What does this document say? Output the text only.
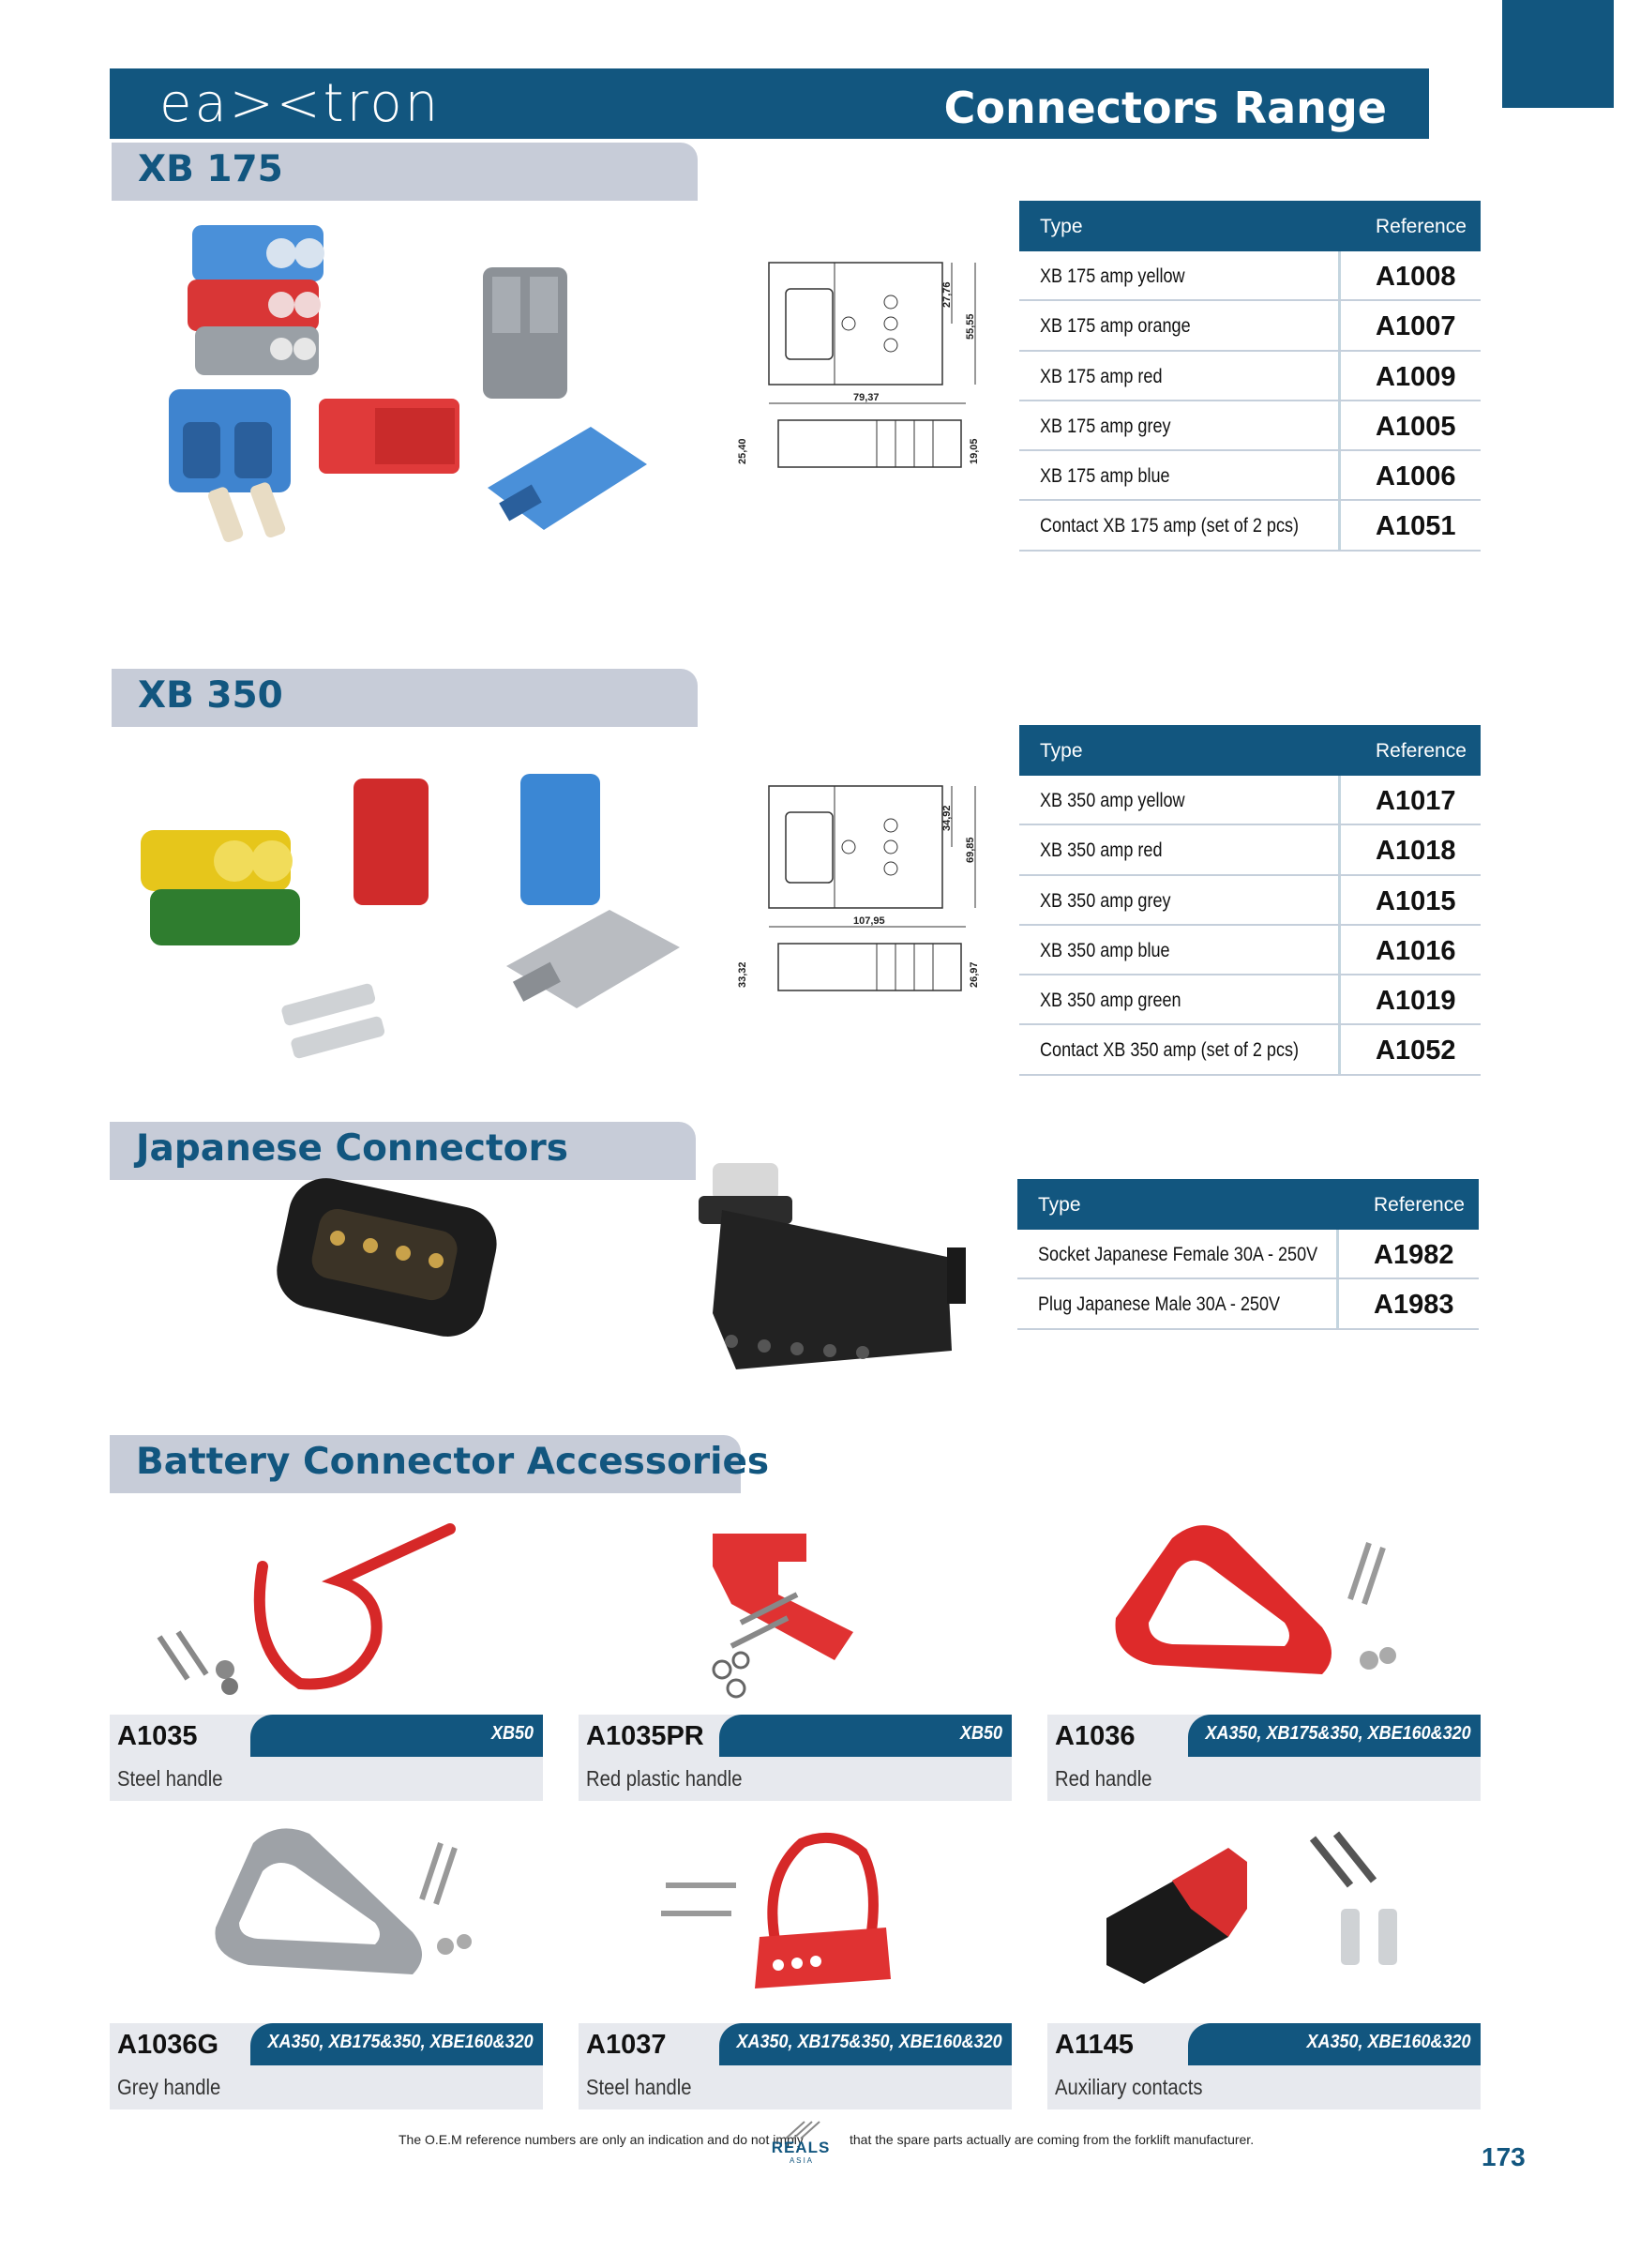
ea><tron	Connectors Range
XB 175
27,76
55,55
79,37
25,40	19,05
Type	Reference
XB 175 amp yellow	A1008
XB 175 amp orange	A1007
XB 175 amp red	A1009
XB 175 amp grey	A1005
XB 175 amp blue	A1006
Contact XB 175 amp (set of 2 pcs)	A1051
XB 350
34,92
69,85
107,95
33,32	26,97
Type	Reference
XB 350 amp yellow	A1017
XB 350 amp red	A1018
XB 350 amp grey	A1015
XB 350 amp blue	A1016
XB 350 amp green	A1019
Contact XB 350 amp (set of 2 pcs)	A1052
Japanese Connectors
Type	Reference
Socket Japanese Female 30A - 250V A1982
Plug Japanese Male 30A - 250V	A1983
Battery Connector Accessories
A1035	XB50
Steel handle
A1035PR	XB50
Red plastic handle
A1036	XA350, XB175&350, XBE160&320
Red handle
A1036G	XA350, XB175&350, XBE160&320
Grey handle
A1037	XA350, XB175&350, XBE160&320
Steel handle
A1145	XA350, XBE160&320
Auxiliary contacts
The O.E.M reference numbers are only an indication and do not imply
REALS
A S I A
that the spare parts actually are coming from the forklift manufacturer.
173
